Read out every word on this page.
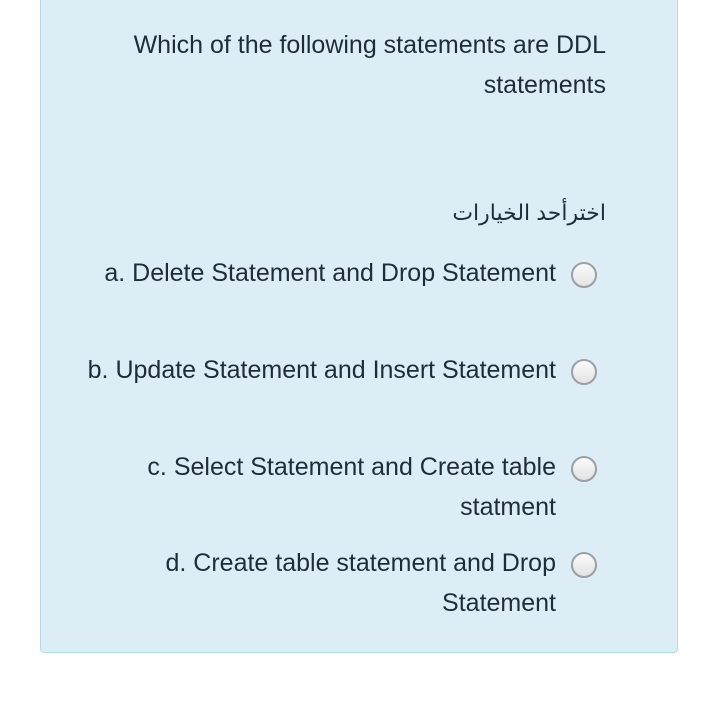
Which of the following statements are DDL statements
اخترأحد الخيارات
a. Delete Statement and Drop Statement
b. Update Statement and Insert Statement
c. Select Statement and Create table statment
d. Create table statement and Drop Statement
